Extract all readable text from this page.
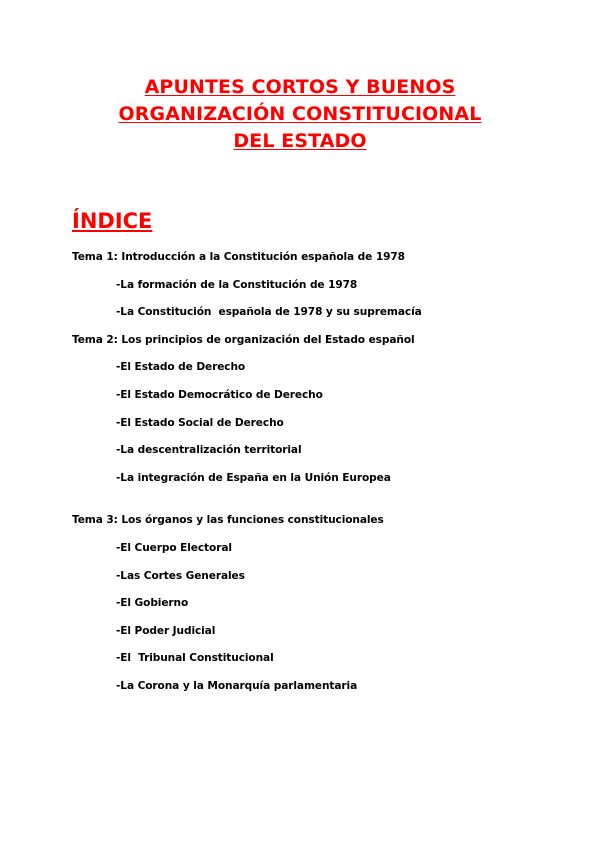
APUNTES CORTOS Y BUENOS
ORGANIZACIÓN CONSTITUCIONAL
DEL ESTADO
ÍNDICE
Tema 1: Introducción a la Constitución española de 1978
-La formación de la Constitución de 1978
-La Constitución  española de 1978 y su supremacía
Tema 2: Los principios de organización del Estado español
-El Estado de Derecho
-El Estado Democrático de Derecho
-El Estado Social de Derecho
-La descentralización territorial
-La integración de España en la Unión Europea
Tema 3: Los órganos y las funciones constitucionales
-El Cuerpo Electoral
-Las Cortes Generales
-El Gobierno
-El Poder Judicial
-El  Tribunal Constitucional
-La Corona y la Monarquía parlamentaria
